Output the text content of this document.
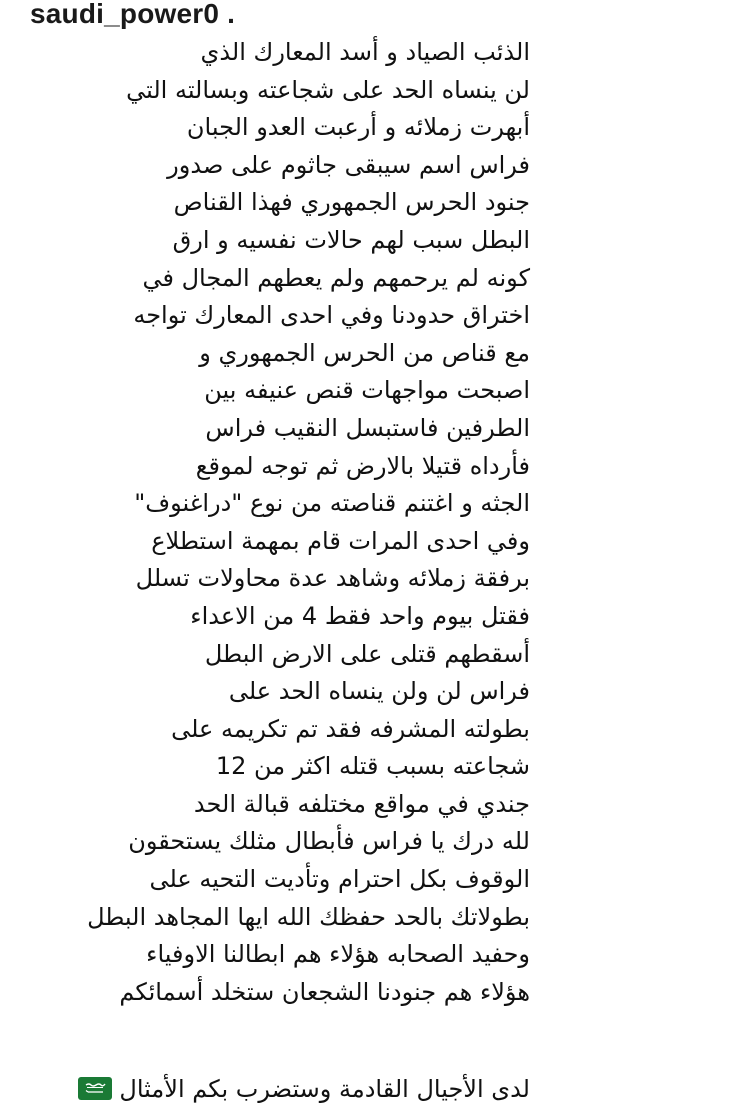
saudi_power0 .
الذئب الصياد و أسد المعارك الذي
لن ينساه الحد على شجاعته وبسالته التي
أبهرت زملائه و أرعبت العدو الجبان
فراس اسم سيبقى جاثوم على صدور
جنود الحرس الجمهوري فهذا القناص
البطل سبب لهم حالات نفسيه و ارق
كونه لم يرحمهم ولم يعطهم المجال في
اختراق حدودنا وفي احدى المعارك تواجه
مع قناص من الحرس الجمهوري و
اصبحت مواجهات قنص عنيفه بين
الطرفين فاستبسل النقيب فراس
فأرداه قتيلا بالارض ثم توجه لموقع
الجثه و اغتنم قناصته من نوع "دراغنوف"
وفي احدى المرات قام بمهمة استطلاع
برفقة زملائه وشاهد عدة محاولات تسلل
فقتل بيوم واحد فقط 4 من الاعداء
أسقطهم قتلى على الارض البطل
فراس لن ولن ينساه الحد على
بطولته المشرفه فقد تم تكريمه على
شجاعته بسبب قتله اكثر من 12
جندي في مواقع مختلفه قبالة الحد
لله درك يا فراس فأبطال مثلك يستحقون
الوقوف بكل احترام وتأديت التحيه على
بطولاتك بالحد حفظك الله ايها المجاهد البطل
وحفيد الصحابه هؤلاء هم ابطالنا الاوفياء
هؤلاء هم جنودنا الشجعان ستخلد أسمائكم
لدى الأجيال القادمة وستضرب بكم الأمثال
